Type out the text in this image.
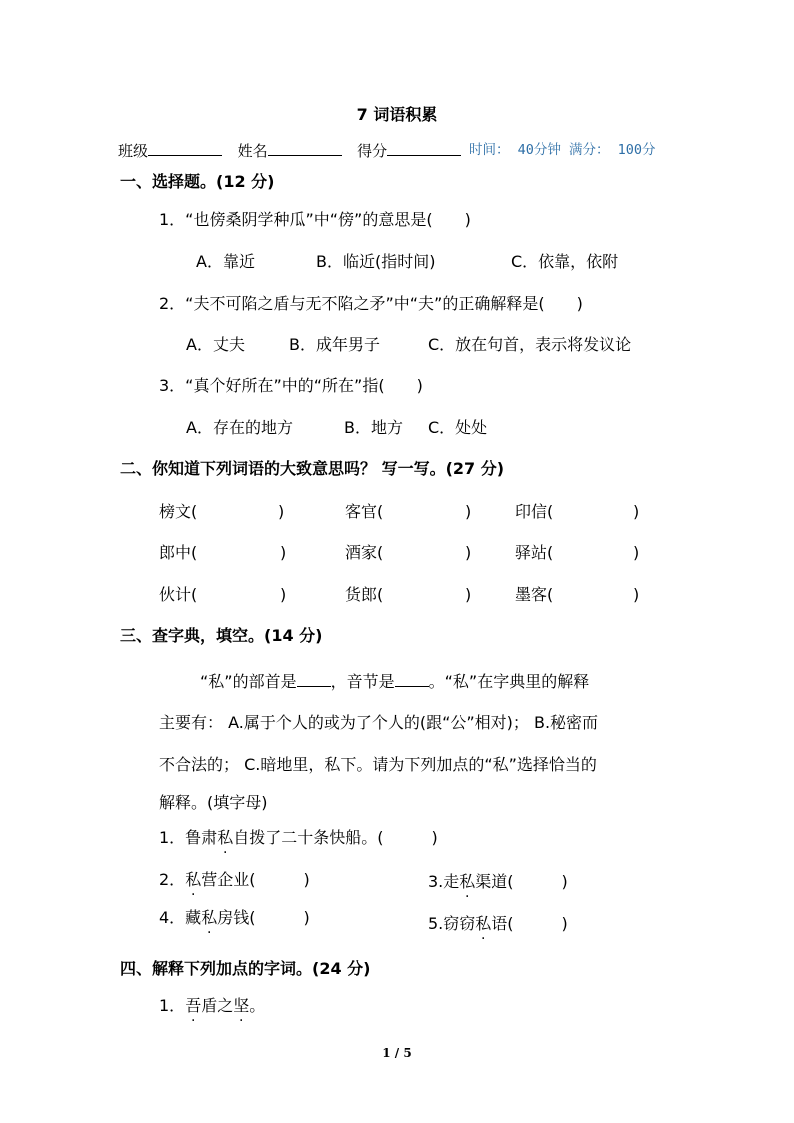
7 词语积累
班级	姓名	得分	时间： 40分钟 满分： 100分
一、选择题。(12 分)
1．“也傍桑阴学种瓜”中“傍”的意思是(　　)
A．靠近	B．临近(指时间)	C．依靠，依附
2．“夫不可陷之盾与无不陷之矛”中“夫”的正确解释是(　　)
A．丈夫	B．成年男子	C．放在句首，表示将发议论
3．“真个好所在”中的“所在”指(　　)
A．存在的地方	B．地方 C．处处
二、你知道下列词语的大致意思吗？ 写一写。(27 分)
榜文(	)	客官(	)	印信(	)
郎中(	)	酒家(	)	驿站(	)
伙计(	)	货郎(	)	墨客(	)
三、查字典，填空。(14 分)
“私”的部首是 ，音节是 。“私”在字典里的解释
主要有： A.属于个人的或为了个人的(跟“公”相对)； B.秘密而
不合法的； C.暗地里，私下。请为下列加点的“私”选择恰当的
解释。(填字母)
1．鲁肃私自拨了二十条快船。(　　　)
2．私营企业(　　　)	3.走私渠道(　　　)
4．藏私房钱(　　　)	5.窃窃私语(　　　)
四、解释下列加点的字词。(24 分)
1．吾盾之坚。
1 / 5
